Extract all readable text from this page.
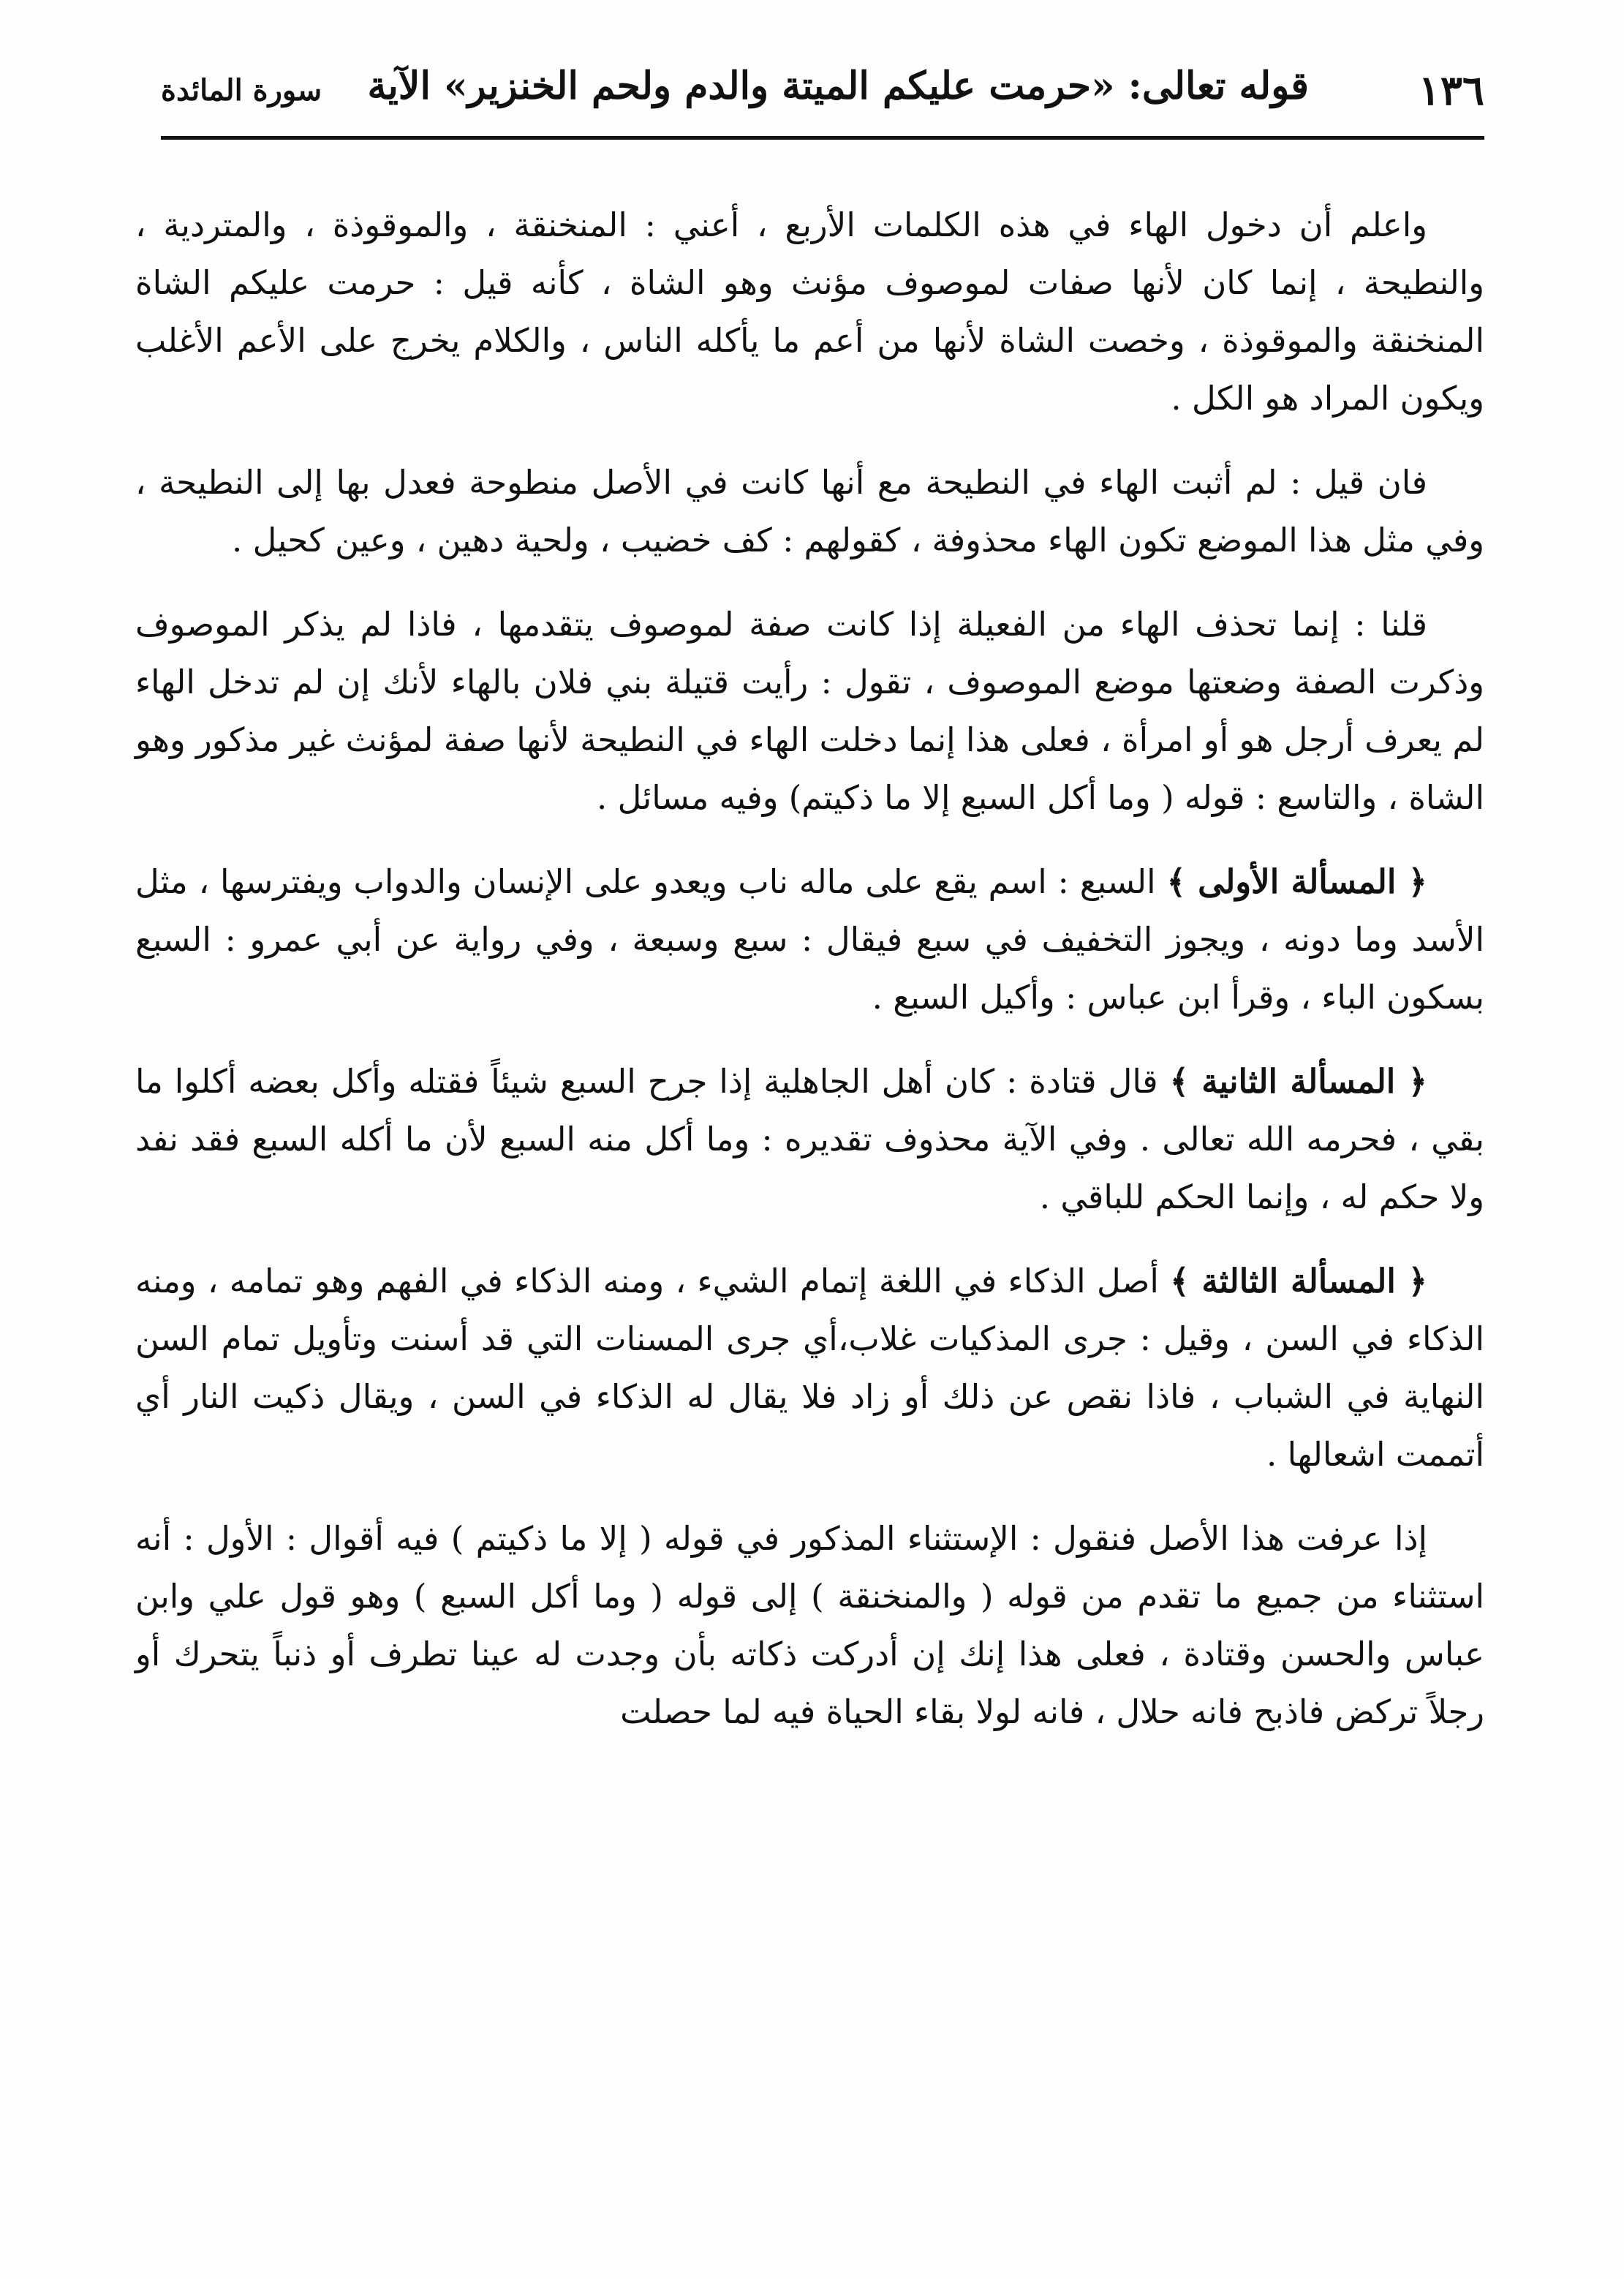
١٣٦
قوله تعالى: «حرمت عليكم الميتة والدم ولحم الخنزير» الآية
سورة المائدة

واعلم أن دخول الهاء في هذه الكلمات الأربع ، أعني : المنخنقة ، والموقوذة ، والمتردية ، والنطيحة ، إنما كان لأنها صفات لموصوف مؤنث وهو الشاة ، كأنه قيل : حرمت عليكم الشاة المنخنقة والموقوذة ، وخصت الشاة لأنها من أعم ما يأكله الناس ، والكلام يخرج على الأعم الأغلب ويكون المراد هو الكل .

فان قيل : لم أثبت الهاء في النطيحة مع أنها كانت في الأصل منطوحة فعدل بها إلى النطيحة ، وفي مثل هذا الموضع تكون الهاء محذوفة ، كقولهم : كف خضيب ، ولحية دهين ، وعين كحيل .

قلنا : إنما تحذف الهاء من الفعيلة إذا كانت صفة لموصوف يتقدمها ، فاذا لم يذكر الموصوف وذكرت الصفة وضعتها موضع الموصوف ، تقول : رأيت قتيلة بني فلان بالهاء لأنك إن لم تدخل الهاء لم يعرف أرجل هو أو امرأة ، فعلى هذا إنما دخلت الهاء في النطيحة لأنها صفة لمؤنث غير مذكور وهو الشاة ، والتاسع : قوله ( وما أكل السبع إلا ما ذكيتم) وفيه مسائل .

﴿ المسألة الأولى ﴾ السبع : اسم يقع على ماله ناب ويعدو على الإنسان والدواب ويفترسها ، مثل الأسد وما دونه ، ويجوز التخفيف في سبع فيقال : سبع وسبعة ، وفي رواية عن أبي عمرو : السبع بسكون الباء ، وقرأ ابن عباس : وأكيل السبع .

﴿ المسألة الثانية ﴾ قال قتادة : كان أهل الجاهلية إذا جرح السبع شيئاً فقتله وأكل بعضه أكلوا ما بقي ، فحرمه الله تعالى . وفي الآية محذوف تقديره : وما أكل منه السبع لأن ما أكله السبع فقد نفد ولا حكم له ، وإنما الحكم للباقي .

﴿ المسألة الثالثة ﴾ أصل الذكاء في اللغة إتمام الشيء ، ومنه الذكاء في الفهم وهو تمامه ، ومنه الذكاء في السن ، وقيل : جرى المذكيات غلاب،أي جرى المسنات التي قد أسنت وتأويل تمام السن النهاية في الشباب ، فاذا نقص عن ذلك أو زاد فلا يقال له الذكاء في السن ، ويقال ذكيت النار أي أتممت اشعالها .

إذا عرفت هذا الأصل فنقول : الإستثناء المذكور في قوله ( إلا ما ذكيتم ) فيه أقوال : الأول : أنه استثناء من جميع ما تقدم من قوله ( والمنخنقة ) إلى قوله ( وما أكل السبع ) وهو قول علي وابن عباس والحسن وقتادة ، فعلى هذا إنك إن أدركت ذكاته بأن وجدت له عينا تطرف أو ذنباً يتحرك أو رجلاً تركض فاذبح فانه حلال ، فانه لولا بقاء الحياة فيه لما حصلت
